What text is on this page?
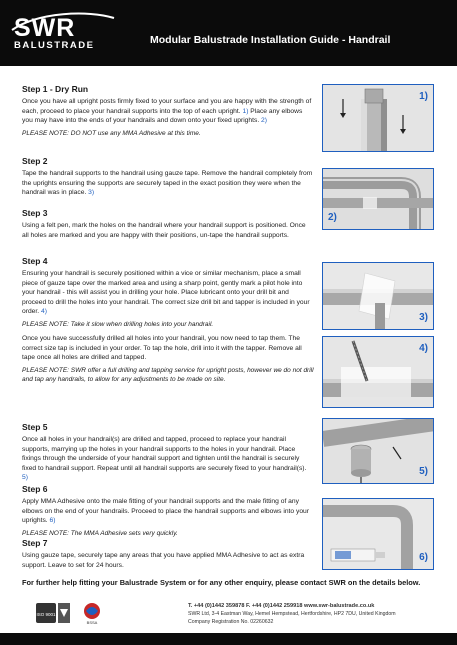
SWR
BALUSTRADE	Modular Balustrade Installation Guide - Handrail
Step 1 - Dry Run

Once you have all upright posts firmly fixed to your surface and you are happy with the strength of each, proceed to place your handrail supports into the top of each upright. 1) Place any elbows you may have into the ends of your handrails and down onto your fixed uprights. 2)

PLEASE NOTE: DO NOT use any MMA Adhesive at this time.
Step 2

Tape the handrail supports to the handrail using gauze tape. Remove the handrail completely from the uprights ensuring the supports are securely taped in the exact position they were when the handrail was in place. 3)

Step 3

Using a felt pen, mark the holes on the handrail where your handrail support is positioned. Once all holes are marked and you are happy with their positions, un-tape the handrail supports.

Step 4

Ensuring your handrail is securely positioned within a vice or similar mechanism, place a small piece of gauze tape over the marked area and using a sharp point, gently mark a pilot hole into your handrail - this will assist you in drilling your hole. Place lubricant onto your drill bit and proceed to drill the holes into your handrail. The correct size drill bit and tapper is included in your order. 4)

PLEASE NOTE: Take it slow when drilling holes into your handrail.

Once you have successfully drilled all holes into your handrail, you now need to tap them. The correct size tap is included in your order. To tap the hole, drill into it with the tapper. Remove all tape once all holes are drilled and tapped.

PLEASE NOTE: SWR offer a full drilling and tapping service for upright posts, however we do not drill and tap any handrails, to allow for any adjustments to be made on site.
Step 5

Once all holes in your handrail(s) are drilled and tapped, proceed to replace your handrail supports, marrying up the holes in your handrail supports to the holes in your handrail. Place fixings through the underside of your handrail support and tighten until the handrail is securely fixed to handrail support. Repeat until all handrail supports are securely fixed to your handrail(s). 5)

Step 6

Apply MMA Adhesive onto the male fitting of your handrail supports and the male fitting of any elbows on the end of your handrails. Proceed to place the handrail supports and elbows into your uprights. 6)

PLEASE NOTE: The MMA Adhesive sets very quickly.
Step 7

Using gauze tape, securely tape any areas that you have applied MMA Adhesive to act as extra support. Leave to set for 24 hours.

1)
2)
3)
4)
5)
6)
For further help fitting your Balustrade System or for any other enquiry, please contact SWR on the details below.
ISO 9001
BSSA
T. +44 (0)1442 359878 F. +44 (0)1442 259918 www.swr-balustrade.co.uk
SWR Ltd, 3-4 Eastman Way, Hemel Hempstead, Hertfordshire, HP2 7DU, United Kingdom
Company Registration No. 02260632
